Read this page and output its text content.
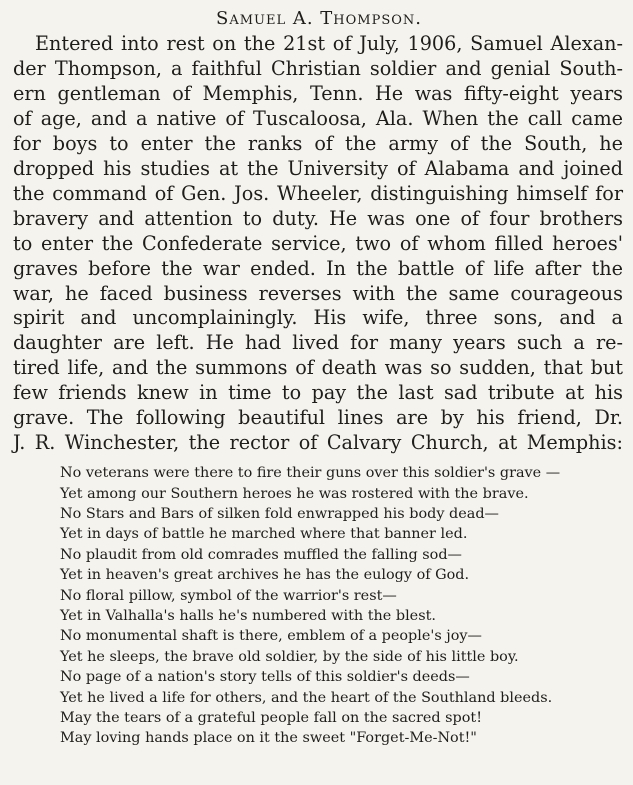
Samuel A. Thompson.
Entered into rest on the 21st of July, 1906, Samuel Alexan-
der Thompson, a faithful Christian soldier and genial South-
ern gentleman of Memphis, Tenn. He was fifty-eight years
of age, and a native of Tuscaloosa, Ala. When the call came
for boys to enter the ranks of the army of the South, he
dropped his studies at the University of Alabama and joined
the command of Gen. Jos. Wheeler, distinguishing himself for
bravery and attention to duty. He was one of four brothers
to enter the Confederate service, two of whom filled heroes'
graves before the war ended. In the battle of life after the
war, he faced business reverses with the same courageous
spirit and uncomplainingly. His wife, three sons, and a
daughter are left. He had lived for many years such a re-
tired life, and the summons of death was so sudden, that but
few friends knew in time to pay the last sad tribute at his
grave. The following beautiful lines are by his friend, Dr.
J. R. Winchester, the rector of Calvary Church, at Memphis:
No veterans were there to fire their guns over this soldier's grave —
Yet among our Southern heroes he was rostered with the brave.
No Stars and Bars of silken fold enwrapped his body dead—
Yet in days of battle he marched where that banner led.
No plaudit from old comrades muffled the falling sod—
Yet in heaven's great archives he has the eulogy of God.
No floral pillow, symbol of the warrior's rest—
Yet in Valhalla's halls he's numbered with the blest.
No monumental shaft is there, emblem of a people's joy—
Yet he sleeps, the brave old soldier, by the side of his little boy.
No page of a nation's story tells of this soldier's deeds—
Yet he lived a life for others, and the heart of the Southland bleeds.
May the tears of a grateful people fall on the sacred spot!
May loving hands place on it the sweet "Forget-Me-Not!"
